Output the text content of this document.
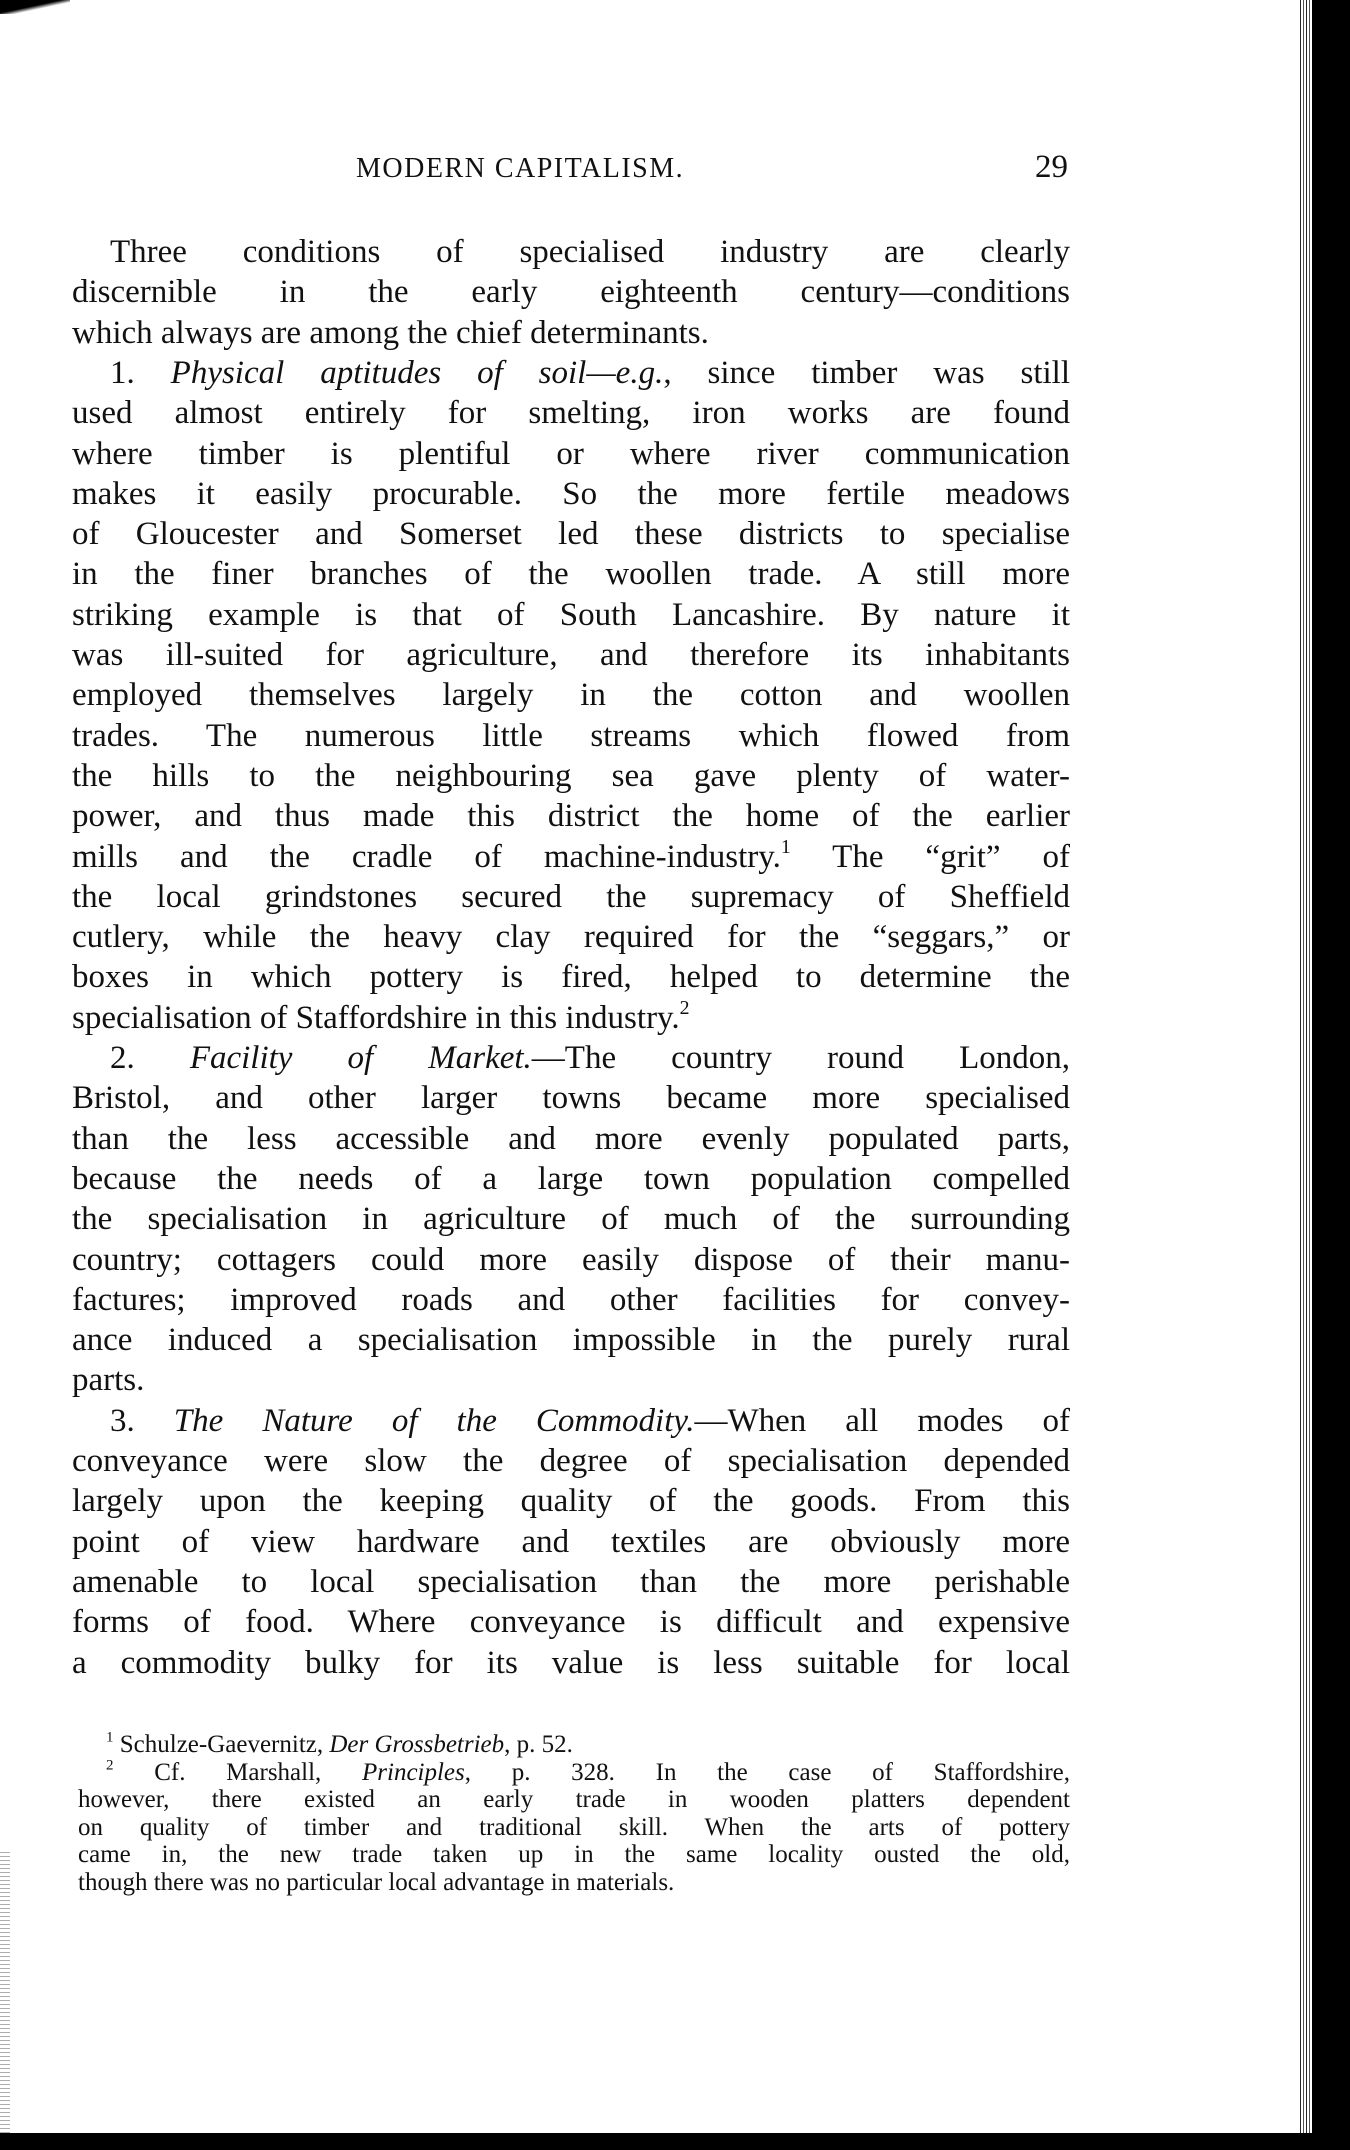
MODERN CAPITALISM.	29
Three conditions of specialised industry are clearly
discernible in the early eighteenth century—conditions
which always are among the chief determinants.
1. Physical aptitudes of soil—e.g., since timber was still
used almost entirely for smelting, iron works are found
where timber is plentiful or where river communication
makes it easily procurable. So the more fertile meadows
of Gloucester and Somerset led these districts to specialise
in the finer branches of the woollen trade. A still more
striking example is that of South Lancashire. By nature it
was ill-suited for agriculture, and therefore its inhabitants
employed themselves largely in the cotton and woollen
trades. The numerous little streams which flowed from
the hills to the neighbouring sea gave plenty of water-
power, and thus made this district the home of the earlier
mills and the cradle of machine-industry.$^1$ The “grit” of
the local grindstones secured the supremacy of Sheffield
cutlery, while the heavy clay required for the “seggars,” or
boxes in which pottery is fired, helped to determine the
specialisation of Staffordshire in this industry.$^2$
2. Facility of Market.—The country round London,
Bristol, and other larger towns became more specialised
than the less accessible and more evenly populated parts,
because the needs of a large town population compelled
the specialisation in agriculture of much of the surrounding
country; cottagers could more easily dispose of their manu-
factures; improved roads and other facilities for convey-
ance induced a specialisation impossible in the purely rural
parts.
3. The Nature of the Commodity.—When all modes of
conveyance were slow the degree of specialisation depended
largely upon the keeping quality of the goods. From this
point of view hardware and textiles are obviously more
amenable to local specialisation than the more perishable
forms of food. Where conveyance is difficult and expensive
a commodity bulky for its value is less suitable for local
$^1$ Schulze-Gaevernitz, Der Grossbetrieb, p. 52.
$^2$ Cf. Marshall, Principles, p. 328. In the case of Staffordshire,
however, there existed an early trade in wooden platters dependent
on quality of timber and traditional skill. When the arts of pottery
came in, the new trade taken up in the same locality ousted the old,
though there was no particular local advantage in materials.
